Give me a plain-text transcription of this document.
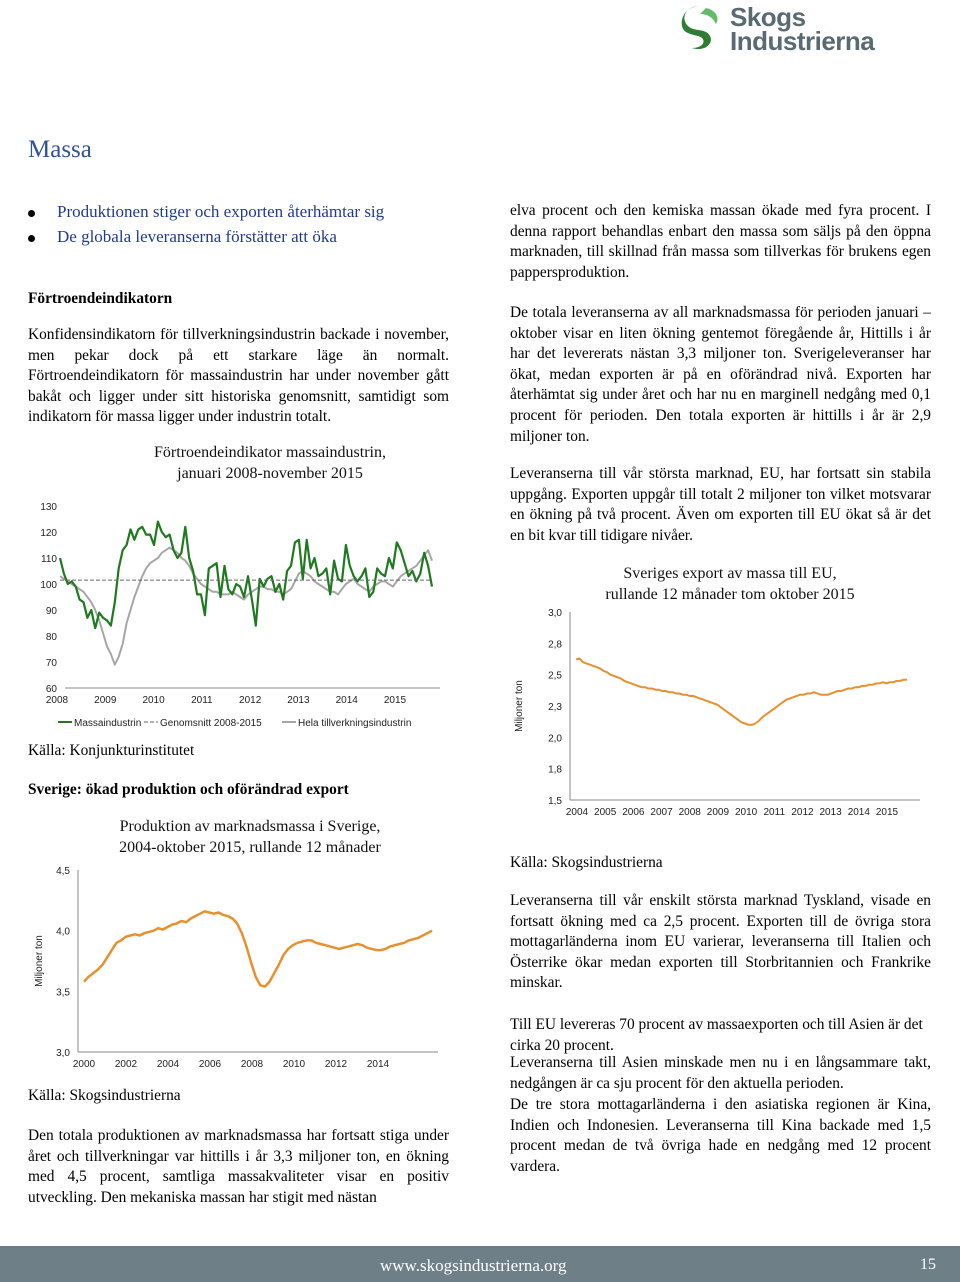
Skogs
Industrierna
Massa
Produktionen stiger och exporten återhämtar sig
De globala leveranserna förstätter att öka
Förtroendeindikatorn

Konfidensindikatorn för tillverkningsindustrin backade i november, men pekar dock på ett starkare läge än normalt. Förtroendeindikatorn för massaindustrin har under november gått bakåt och ligger under sitt historiska genomsnitt, samtidigt som indikatorn för massa ligger under industrin totalt.

Förtroendeindikator massaindustrin,
januari 2008-november 2015
60
70
80
90
100
110
120
130
2008	2009	2010	2011	2012	2013	2014	2015
Massaindustrin Genomsnitt 2008-2015	Hela tillverkningsindustrin
Källa: Konjunkturinstitutet
Sverige: ökad produktion och oförändrad export
Produktion av marknadsmassa i Sverige,
2004-oktober 2015, rullande 12 månader
3,0
3,5
4,0
4,5
2000 2002 2004 2006 2008 2010 2012 2014
Miljoner ton
Källa: Skogsindustrierna

Den totala produktionen av marknadsmassa har fortsatt stiga under året och tillverkningar var hittills i år 3,3 miljoner ton, en ökning med 4,5 procent, samtliga massakvaliteter visar en positiv utveckling. Den mekaniska massan har stigit med nästan

elva procent och den kemiska massan ökade med fyra procent. I denna rapport behandlas enbart den massa som säljs på den öppna marknaden, till skillnad från massa som tillverkas för brukens egen pappersproduktion.

De totala leveranserna av all marknadsmassa för perioden januari – oktober visar en liten ökning gentemot föregående år, Hittills i år har det levererats nästan 3,3 miljoner ton. Sverigeleveranser har ökat, medan exporten är på en oförändrad nivå. Exporten har återhämtat sig under året och har nu en marginell nedgång med 0,1 procent för perioden. Den totala exporten är hittills i år är 2,9 miljoner ton.

Leveranserna till vår största marknad, EU, har fortsatt sin stabila uppgång. Exporten uppgår till totalt 2 miljoner ton vilket motsvarar en ökning på två procent. Även om exporten till EU ökat så är det en bit kvar till tidigare nivåer.

Sveriges export av massa till EU,
rullande 12 månader tom oktober 2015
1,5
1,8
2,0
2,3
2,5
2,8
3,0
2004 2005 2006 2007 2008 2009 2010 2011 2012 2013 2014 2015
Miljoner ton
Källa: Skogsindustrierna

Leveranserna till vår enskilt största marknad Tyskland, visade en fortsatt ökning med ca 2,5 procent. Exporten till de övriga stora mottagarländerna inom EU varierar, leveranserna till Italien och Österrike ökar medan exporten till Storbritannien och Frankrike minskar.

Till EU levereras 70 procent av massaexporten och till Asien är det cirka 20 procent.

Leveranserna till Asien minskade men nu i en långsammare takt, nedgången är ca sju procent för den aktuella perioden.

De tre stora mottagarländerna i den asiatiska regionen är Kina, Indien och Indonesien. Leveranserna till Kina backade med 1,5 procent medan de två övriga hade en nedgång med 12 procent vardera.

www.skogsindustrierna.org	15
